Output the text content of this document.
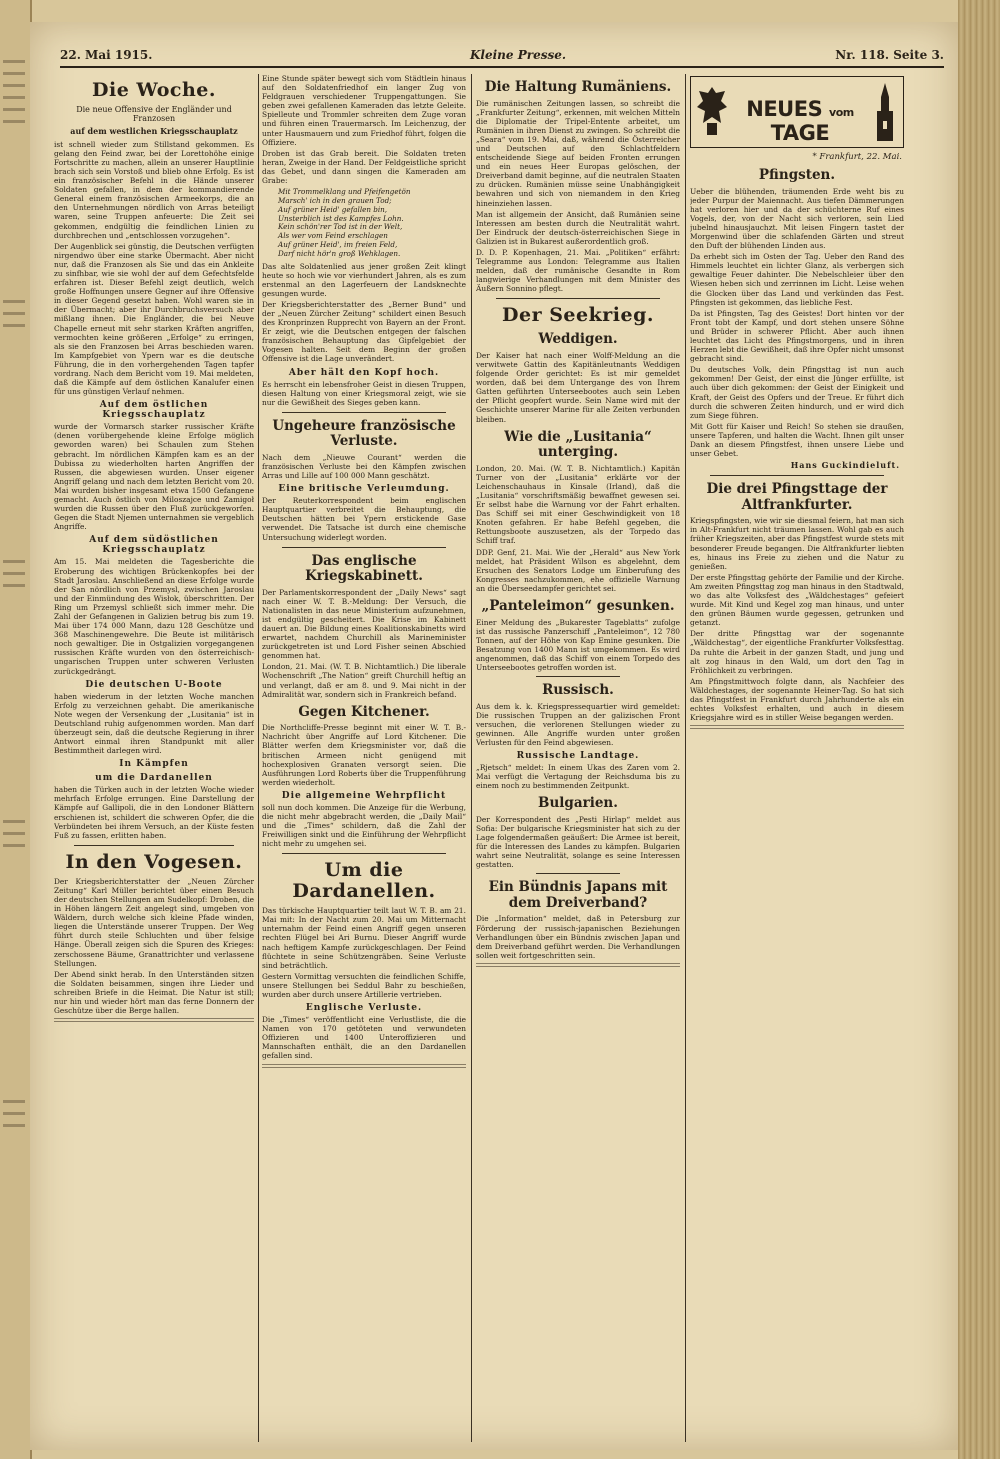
22. Mai 1915.	Kleine Presse.	Nr. 118. Seite 3.
Die Woche.
Die neue Offensive der Engländer und Franzosen
auf dem westlichen Kriegsschauplatz

ist schnell wieder zum Stillstand gekommen. Es gelang den Feind zwar, bei der Lorettohöhe einige Fortschritte zu machen, allein an unserer Hauptlinie brach sich sein Vorstoß und blieb ohne Erfolg. Es ist ein französischer Befehl in die Hände unserer Soldaten gefallen, in dem der kommandierende General einem französischen Armeekorps, die an den Unternehmungen nördlich von Arras beteiligt waren, seine Truppen anfeuerte: Die Zeit sei gekommen, endgültig die feindlichen Linien zu durchbrechen und „entschlossen vorzugehen“.

Der Augenblick sei günstig, die Deutschen verfügten nirgendwo über eine starke Übermacht. Aber nicht nur, daß die Franzosen als Sie und das ein Ankleite zu sinfhbar, wie sie wohl der auf dem Gefechtsfelde erfahren ist. Dieser Befehl zeigt deutlich, welch große Hoffnungen unsere Gegner auf ihre Offensive in dieser Gegend gesetzt haben. Wohl waren sie in der Übermacht; aber ihr Durchbruchsversuch aber mißlang ihnen. Die Engländer, die bei Neuve Chapelle erneut mit sehr starken Kräften angriffen, vermochten keine größeren „Erfolge“ zu erringen, als sie den Franzosen bei Arras beschieden waren. Im Kampfgebiet von Ypern war es die deutsche Führung, die in den vorhergehenden Tagen tapfer vordrang. Nach dem Bericht vom 19. Mai meldeten, daß die Kämpfe auf dem östlichen Kanalufer einen für uns günstigen Verlauf nehmen.

Auf dem östlichen Kriegsschauplatz

wurde der Vormarsch starker russischer Kräfte (denen vorübergehende kleine Erfolge möglich geworden waren) bei Schaulen zum Stehen gebracht. Im nördlichen Kämpfen kam es an der Dubissa zu wiederholten harten Angriffen der Russen, die abgewiesen wurden. Unser eigener Angriff gelang und nach dem letzten Bericht vom 20. Mai wurden bisher insgesamt etwa 1500 Gefangene gemacht. Auch östlich von Miloszajce und Zamigoł wurden die Russen über den Fluß zurückgeworfen. Gegen die Stadt Njemen unternahmen sie vergeblich Angriffe.

Auf dem südöstlichen Kriegsschauplatz

Am 15. Mai meldeten die Tagesberichte die Eroberung des wichtigen Brückenkopfes bei der Stadt Jaroslau. Anschließend an diese Erfolge wurde der San nördlich von Przemysl, zwischen Jaroslau und der Einmündung des Wisłok, überschritten. Der Ring um Przemysl schließt sich immer mehr. Die Zahl der Gefangenen in Galizien betrug bis zum 19. Mai über 174 000 Mann, dazu 128 Geschütze und 368 Maschinengewehre. Die Beute ist militärisch noch gewaltiger. Die in Ostgalizien vorgegangenen russischen Kräfte wurden von den österreichisch-ungarischen Truppen unter schweren Verlusten zurückgedrängt.

Die deutschen U-Boote

haben wiederum in der letzten Woche manchen Erfolg zu verzeichnen gehabt. Die amerikanische Note wegen der Versenkung der „Lusitania“ ist in Deutschland ruhig aufgenommen worden. Man darf überzeugt sein, daß die deutsche Regierung in ihrer Antwort einmal ihren Standpunkt mit aller Bestimmtheit darlegen wird.

In Kämpfen
um die Dardanellen

haben die Türken auch in der letzten Woche wieder mehrfach Erfolge errungen. Eine Darstellung der Kämpfe auf Gallipoli, die in den Londoner Blättern erschienen ist, schildert die schweren Opfer, die die Verbündeten bei ihrem Versuch, an der Küste festen Fuß zu fassen, erlitten haben.

In den Vogesen.

Der Kriegsberichterstatter der „Neuen Zürcher Zeitung“ Karl Müller berichtet über einen Besuch der deutschen Stellungen am Sudelkopf: Droben, die in Höhen längern Zeit angelegt sind, umgeben von Wäldern, durch welche sich kleine Pfade winden, liegen die Unterstände unserer Truppen. Der Weg führt durch steile Schluchten und über felsige Hänge. Überall zeigen sich die Spuren des Krieges: zerschossene Bäume, Granattrichter und verlassene Stellungen.

Der Abend sinkt herab. In den Unterständen sitzen die Soldaten beisammen, singen ihre Lieder und schreiben Briefe in die Heimat. Die Natur ist still; nur hin und wieder hört man das ferne Donnern der Geschütze über die Berge hallen.

Eine Stunde später bewegt sich vom Städtlein hinaus auf den Soldatenfriedhof ein langer Zug von Feldgrauen verschiedener Truppengattungen. Sie geben zwei gefallenen Kameraden das letzte Geleite. Spielleute und Trommler schreiten dem Zuge voran und führen einen Trauermarsch. Im Leichenzug, der unter Hausmauern und zum Friedhof führt, folgen die Offiziere.

Droben ist das Grab bereit. Die Soldaten treten heran, Zweige in der Hand. Der Feldgeistliche spricht das Gebet, und dann singen die Kameraden am Grabe:

Mit Trommelklang und Pfeifengetön
Marsch' ich in den grauen Tod;
Auf grüner Heid' gefallen bin,
Unsterblich ist des Kampfes Lohn.
Kein schön'rer Tod ist in der Welt,
Als wer vom Feind erschlagen
Auf grüner Heid', im freien Feld,
Darf nicht hör'n groß Wehklagen.

Das alte Soldatenlied aus jener großen Zeit klingt heute so hoch wie vor vierhundert Jahren, als es zum erstenmal an den Lagerfeuern der Landsknechte gesungen wurde.

Der Kriegsberichterstatter des „Berner Bund“ und der „Neuen Zürcher Zeitung“ schildert einen Besuch des Kronprinzen Rupprecht von Bayern an der Front. Er zeigt, wie die Deutschen entgegen der falschen französischen Behauptung das Gipfelgebiet der Vogesen halten. Seit dem Beginn der großen Offensive ist die Lage unverändert.

Aber hält den Kopf hoch.

Es herrscht ein lebensfroher Geist in diesen Truppen, diesen Haltung von einer Kriegsmoral zeigt, wie sie nur die Gewißheit des Sieges geben kann.

Ungeheure französische Verluste.

Nach dem „Nieuwe Courant“ werden die französischen Verluste bei den Kämpfen zwischen Arras und Lille auf 100 000 Mann geschätzt.

Eine britische Verleumdung.

Der Reuterkorrespondent beim englischen Hauptquartier verbreitet die Behauptung, die Deutschen hätten bei Ypern erstickende Gase verwendet. Die Tatsache ist durch eine chemische Untersuchung widerlegt worden.

Das englische Kriegskabinett.

Der Parlamentskorrespondent der „Daily News“ sagt nach einer W. T. B.-Meldung: Der Versuch, die Nationalisten in das neue Ministerium aufzunehmen, ist endgültig gescheitert. Die Krise im Kabinett dauert an. Die Bildung eines Koalitionskabinetts wird erwartet, nachdem Churchill als Marineminister zurückgetreten ist und Lord Fisher seinen Abschied genommen hat.

London, 21. Mai. (W. T. B. Nichtamtlich.) Die liberale Wochenschrift „The Nation“ greift Churchill heftig an und verlangt, daß er am 8. und 9. Mai nicht in der Admiralität war, sondern sich in Frankreich befand.

Gegen Kitchener.

Die Northcliffe-Presse beginnt mit einer W. T. B.-Nachricht über Angriffe auf Lord Kitchener. Die Blätter werfen dem Kriegsminister vor, daß die britischen Armeen nicht genügend mit hochexplosiven Granaten versorgt seien. Die Ausführungen Lord Roberts über die Truppenführung werden wiederholt.

Die allgemeine Wehrpflicht

soll nun doch kommen. Die Anzeige für die Werbung, die nicht mehr abgebracht werden, die „Daily Mail“ und die „Times“ schildern, daß die Zahl der Freiwilligen sinkt und die Einführung der Wehrpflicht nicht mehr zu umgehen sei.

Um die Dardanellen.

Das türkische Hauptquartier teilt laut W. T. B. am 21. Mai mit: In der Nacht zum 20. Mai um Mitternacht unternahm der Feind einen Angriff gegen unseren rechten Flügel bei Ari Burnu. Dieser Angriff wurde nach heftigem Kampfe zurückgeschlagen. Der Feind flüchtete in seine Schützengräben. Seine Verluste sind beträchtlich.

Gestern Vormittag versuchten die feindlichen Schiffe, unsere Stellungen bei Seddul Bahr zu beschießen, wurden aber durch unsere Artillerie vertrieben.

Englische Verluste.

Die „Times“ veröffentlicht eine Verlustliste, die die Namen von 170 getöteten und verwundeten Offizieren und 1400 Unteroffizieren und Mannschaften enthält, die an den Dardanellen gefallen sind.

Die Haltung Rumäniens.

Die rumänischen Zeitungen lassen, so schreibt die „Frankfurter Zeitung“, erkennen, mit welchen Mitteln die Diplomatie der Tripel-Entente arbeitet, um Rumänien in ihren Dienst zu zwingen. So schreibt die „Seara“ vom 19. Mai, daß, während die Österreicher und Deutschen auf den Schlachtfeldern entscheidende Siege auf beiden Fronten errungen und ein neues Heer Europas gelöschen, der Dreiverband damit beginne, auf die neutralen Staaten zu drücken. Rumänien müsse seine Unabhängigkeit bewahren und sich von niemandem in den Krieg hineinziehen lassen.

Man ist allgemein der Ansicht, daß Rumänien seine Interessen am besten durch die Neutralität wahrt. Der Eindruck der deutsch-österreichischen Siege in Galizien ist in Bukarest außerordentlich groß.

D. D. P. Kopenhagen, 21. Mai. „Politiken“ erfährt: Telegramme aus London: Telegramme aus Italien melden, daß der rumänische Gesandte in Rom langwierige Verhandlungen mit dem Minister des Äußern Sonnino pflegt.

Der Seekrieg.
Weddigen.

Der Kaiser hat nach einer Wolff-Meldung an die verwitwete Gattin des Kapitänleutnants Weddigen folgende Order gerichtet: Es ist mir gemeldet worden, daß bei dem Untergange des von Ihrem Gatten geführten Unterseebootes auch sein Leben der Pflicht geopfert wurde. Sein Name wird mit der Geschichte unserer Marine für alle Zeiten verbunden bleiben.

Wie die „Lusitania“ unterging.

London, 20. Mai. (W. T. B. Nichtamtlich.) Kapitän Turner von der „Lusitania“ erklärte vor der Leichenschauhaus in Kinsale (Irland), daß die „Lusitania“ vorschriftsmäßig bewaffnet gewesen sei. Er selbst habe die Warnung vor der Fahrt erhalten. Das Schiff sei mit einer Geschwindigkeit von 18 Knoten gefahren. Er habe Befehl gegeben, die Rettungsboote auszusetzen, als der Torpedo das Schiff traf.

DDP. Genf, 21. Mai. Wie der „Herald“ aus New York meldet, hat Präsident Wilson es abgelehnt, dem Ersuchen des Senators Lodge um Einberufung des Kongresses nachzukommen, ehe offizielle Warnung an die Überseedampfer gerichtet sei.

„Panteleimon“ gesunken.

Einer Meldung des „Bukarester Tageblatts“ zufolge ist das russische Panzerschiff „Panteleimon“, 12 780 Tonnen, auf der Höhe von Kap Emine gesunken. Die Besatzung von 1400 Mann ist umgekommen. Es wird angenommen, daß das Schiff von einem Torpedo des Unterseebootes getroffen worden ist.

Russisch.

Aus dem k. k. Kriegspressequartier wird gemeldet: Die russischen Truppen an der galizischen Front versuchen, die verlorenen Stellungen wieder zu gewinnen. Alle Angriffe wurden unter großen Verlusten für den Feind abgewiesen.

Russische Landtage.

„Rjetsch“ meldet: In einem Ukas des Zaren vom 2. Mai verfügt die Vertagung der Reichsduma bis zu einem noch zu bestimmenden Zeitpunkt.

Bulgarien.

Der Korrespondent des „Pesti Hirlap“ meldet aus Sofia: Der bulgarische Kriegsminister hat sich zu der Lage folgendermaßen geäußert: Die Armee ist bereit, für die Interessen des Landes zu kämpfen. Bulgarien wahrt seine Neutralität, solange es seine Interessen gestatten.

Ein Bündnis Japans mit dem Dreiverband?

Die „Information“ meldet, daß in Petersburg zur Förderung der russisch-japanischen Beziehungen Verhandlungen über ein Bündnis zwischen Japan und dem Dreiverband geführt werden. Die Verhandlungen sollen weit fortgeschritten sein.

NEUES vom TAGE
* Frankfurt, 22. Mai.
Pfingsten.

Ueber die blühenden, träumenden Erde weht bis zu jeder Purpur der Maiennacht. Aus tiefen Dämmerungen hat verloren hier und da der schüchterne Ruf eines Vogels, der, von der Nacht sich verloren, sein Lied jubelnd hinausjauchzt. Mit leisen Fingern tastet der Morgenwind über die schlafenden Gärten und streut den Duft der blühenden Linden aus.

Da erhebt sich im Osten der Tag. Ueber den Rand des Himmels leuchtet ein lichter Glanz, als verbergen sich gewaltige Feuer dahinter. Die Nebelschleier über den Wiesen heben sich und zerrinnen im Licht. Leise wehen die Glocken über das Land und verkünden das Fest. Pfingsten ist gekommen, das liebliche Fest.

Da ist Pfingsten, Tag des Geistes! Dort hinten vor der Front tobt der Kampf, und dort stehen unsere Söhne und Brüder in schwerer Pflicht. Aber auch ihnen leuchtet das Licht des Pfingstmorgens, und in ihren Herzen lebt die Gewißheit, daß ihre Opfer nicht umsonst gebracht sind.

Du deutsches Volk, dein Pfingsttag ist nun auch gekommen! Der Geist, der einst die Jünger erfüllte, ist auch über dich gekommen: der Geist der Einigkeit und Kraft, der Geist des Opfers und der Treue. Er führt dich durch die schweren Zeiten hindurch, und er wird dich zum Siege führen.

Mit Gott für Kaiser und Reich! So stehen sie draußen, unsere Tapferen, und halten die Wacht. Ihnen gilt unser Dank an diesem Pfingstfest, ihnen unsere Liebe und unser Gebet.

Hans Guckindieluft.
Die drei Pfingsttage der Altfrankfurter.

Kriegspfingsten, wie wir sie diesmal feiern, hat man sich in Alt-Frankfurt nicht träumen lassen. Wohl gab es auch früher Kriegszeiten, aber das Pfingstfest wurde stets mit besonderer Freude begangen. Die Altfrankfurter liebten es, hinaus ins Freie zu ziehen und die Natur zu genießen.

Der erste Pfingsttag gehörte der Familie und der Kirche. Am zweiten Pfingsttag zog man hinaus in den Stadtwald, wo das alte Volksfest des „Wäldchestages“ gefeiert wurde. Mit Kind und Kegel zog man hinaus, und unter den grünen Bäumen wurde gegessen, getrunken und getanzt.

Der dritte Pfingsttag war der sogenannte „Wäldchestag“, der eigentliche Frankfurter Volksfesttag. Da ruhte die Arbeit in der ganzen Stadt, und jung und alt zog hinaus in den Wald, um dort den Tag in Fröhlichkeit zu verbringen.

Am Pfingstmittwoch folgte dann, als Nachfeier des Wäldchestages, der sogenannte Heiner-Tag. So hat sich das Pfingstfest in Frankfurt durch Jahrhunderte als ein echtes Volksfest erhalten, und auch in diesem Kriegsjahre wird es in stiller Weise begangen werden.
